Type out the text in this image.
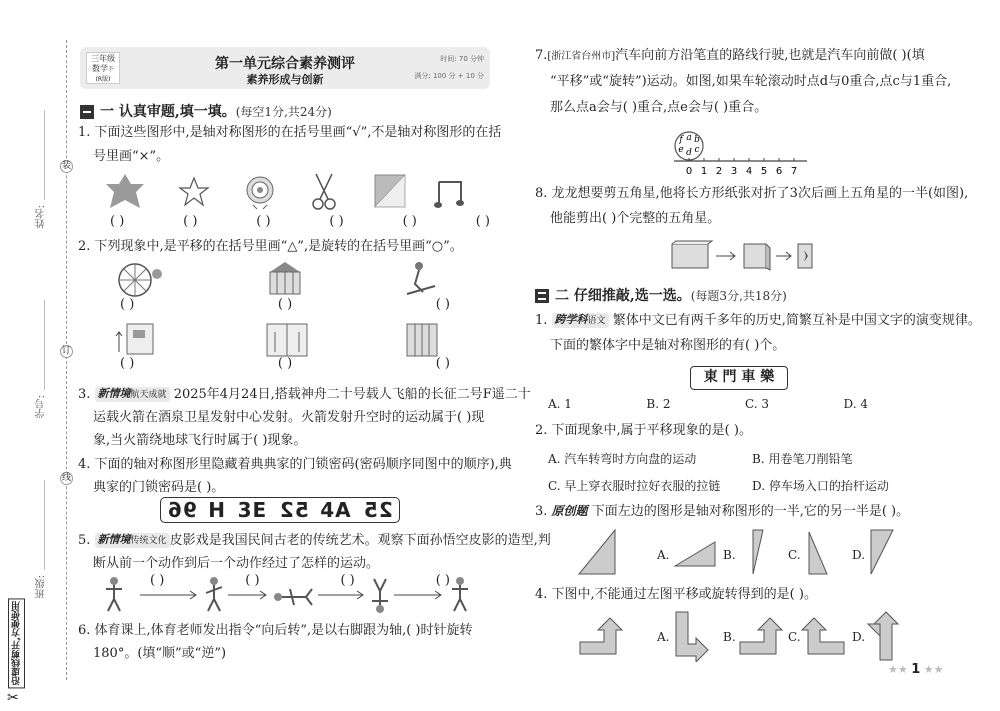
姓名:
学号:
班级:
装
订
线
沿虚线剪开,方便使用
✂
三年级
数学下
(R版)
第一单元综合素养测评
素养形成与创新
时间: 70 分钟
满分: 100 分 + 10 分
一 认真审题,填一填。(每空1分,共24分)
1. 下面这些图形中,是轴对称图形的在括号里画“√”,不是轴对称图形的在括
号里画“×”。
( )	( )	( )	( )	( )	( )
2. 下列现象中,是平移的在括号里画“△”,是旋转的在括号里画“○”。
( )	( )	( )
( )	( )	( )
3. 新情境航天成就 2025年4月24日,搭载神舟二十号载人飞船的长征二号F遥二十
运载火箭在酒泉卫星发射中心发射。火箭发射升空时的运动属于( )现
象,当火箭绕地球飞行时属于( )现象。
4. 下面的轴对称图形里隐藏着典典家的门锁密码(密码顺序同图中的顺序),典
典家的门锁密码是( )。
96 H 3E 52 4A 25
5. 新情境传统文化 皮影戏是我国民间古老的传统艺术。观察下面孙悟空皮影的造型,判
断从前一个动作到后一个动作经过了怎样的运动。
( )	( )	( )	( )
6. 体育课上,体育老师发出指令“向后转”,是以右脚跟为轴,( )时针旋转
180°。(填“顺”或“逆”)
7.[浙江省台州市]汽车向前方沿笔直的路线行驶,也就是汽车向前做( )(填
“平移”或“旋转”)运动。如图,如果车轮滚动时点d与0重合,点c与1重合,
那么点a会与( )重合,点e会与( )重合。
0 1 2 3 4 5 6 7
f a b
e d c
8. 龙龙想要剪五角星,他将长方形纸张对折了3次后画上五角星的一半(如图),
他能剪出( )个完整的五角星。
二 仔细推敲,选一选。(每题3分,共18分)
1. 跨学科语文 繁体中文已有两千多年的历史,简繁互补是中国文字的演变规律。
下面的繁体字中是轴对称图形的有( )个。
東 門 車 樂
A. 1	B. 2	C. 3	D. 4
2. 下面现象中,属于平移现象的是( )。
A. 汽车转弯时方向盘的运动	B. 用卷笔刀削铅笔
C. 早上穿衣服时拉好衣服的拉链	D. 停车场入口的抬杆运动
3. 原创题 下面左边的图形是轴对称图形的一半,它的另一半是( )。
A.	B.	C.	D.
4. 下图中,不能通过左图平移或旋转得到的是( )。
A.	B.	C.	D.
★★ 1 ★★
